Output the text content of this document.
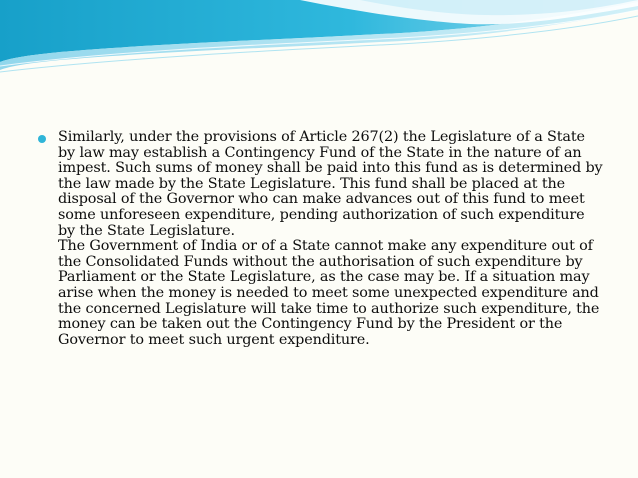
Similarly, under the provisions of Article 267(2) the Legislature of a State by law may establish a Contingency Fund of the State in the nature of an impest. Such sums of money shall be paid into this fund as is determined by the law made by the State Legislature. This fund shall be placed at the disposal of the Governor who can make advances out of this fund to meet some unforeseen expenditure, pending authorization of such expenditure by the State Legislature.
The Government of India or of a State cannot make any expenditure out of the Consolidated Funds without the authorisation of such expenditure by Parliament or the State Legislature, as the case may be. If a situation may arise when the money is needed to meet some unexpected expenditure and the concerned Legislature will take time to authorize such expenditure, the money can be taken out the Contingency Fund by the President or the Governor to meet such urgent expenditure.
